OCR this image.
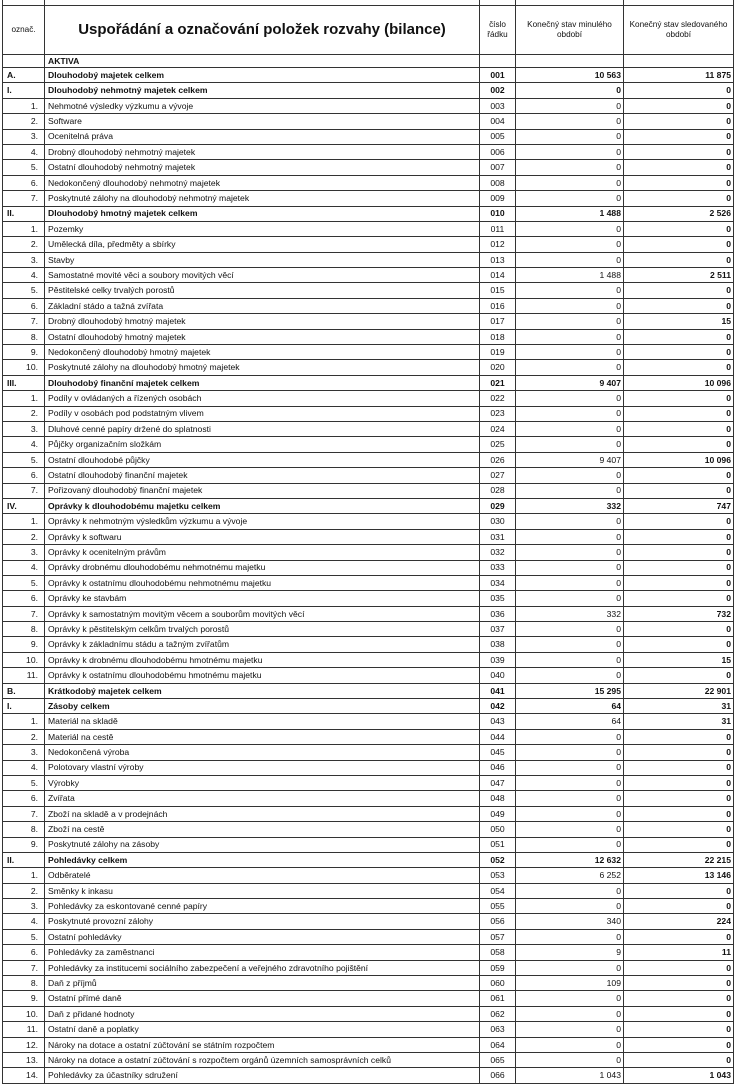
označ.	Uspořádání a označování položek rozvahy (bilance)	číslo řádku	Konečný stav minulého období	Konečný stav sledovaného období
	AKTIVA			
A.	Dlouhodobý majetek celkem	001	10 563	11 875
I.	Dlouhodobý nehmotný majetek celkem	002	0	0
1.	Nehmotné výsledky výzkumu a vývoje	003	0	0
2.	Software	004	0	0
3.	Ocenitelná práva	005	0	0
4.	Drobný dlouhodobý nehmotný majetek	006	0	0
5.	Ostatní dlouhodobý nehmotný majetek	007	0	0
6.	Nedokončený dlouhodobý nehmotný majetek	008	0	0
7.	Poskytnuté zálohy na dlouhodobý nehmotný majetek	009	0	0
II.	Dlouhodobý hmotný majetek celkem	010	1 488	2 526
1.	Pozemky	011	0	0
2.	Umělecká díla, předměty a sbírky	012	0	0
3.	Stavby	013	0	0
4.	Samostatné movité věci a soubory movitých věcí	014	1 488	2 511
5.	Pěstitelské celky trvalých porostů	015	0	0
6.	Základní stádo a tažná zvířata	016	0	0
7.	Drobný dlouhodobý hmotný majetek	017	0	15
8.	Ostatní dlouhodobý hmotný majetek	018	0	0
9.	Nedokončený dlouhodobý hmotný majetek	019	0	0
10.	Poskytnuté zálohy na dlouhodobý hmotný majetek	020	0	0
III.	Dlouhodobý finanční majetek celkem	021	9 407	10 096
1.	Podíly v ovládaných a řízených osobách	022	0	0
2.	Podíly v osobách pod podstatným vlivem	023	0	0
3.	Dluhové cenné papíry držené do splatnosti	024	0	0
4.	Půjčky organizačním složkám	025	0	0
5.	Ostatní dlouhodobé půjčky	026	9 407	10 096
6.	Ostatní dlouhodobý finanční majetek	027	0	0
7.	Pořizovaný dlouhodobý finanční majetek	028	0	0
IV.	Oprávky k dlouhodobému majetku celkem	029	332	747
1.	Oprávky k nehmotným výsledkům výzkumu a vývoje	030	0	0
2.	Oprávky k softwaru	031	0	0
3.	Oprávky k ocenitelným právům	032	0	0
4.	Oprávky drobnému dlouhodobému nehmotnému majetku	033	0	0
5.	Oprávky k ostatnímu dlouhodobému nehmotnému majetku	034	0	0
6.	Oprávky ke stavbám	035	0	0
7.	Oprávky k samostatným movitým věcem a souborům movitých věcí	036	332	732
8.	Oprávky k pěstitelským celkům trvalých porostů	037	0	0
9.	Oprávky k základnímu stádu a tažným zvířatům	038	0	0
10.	Oprávky k drobnému dlouhodobému hmotnému majetku	039	0	15
11.	Oprávky k ostatnímu dlouhodobému hmotnému majetku	040	0	0
B.	Krátkodobý majetek celkem	041	15 295	22 901
I.	Zásoby celkem	042	64	31
1.	Materiál na skladě	043	64	31
2.	Materiál na cestě	044	0	0
3.	Nedokončená výroba	045	0	0
4.	Polotovary vlastní výroby	046	0	0
5.	Výrobky	047	0	0
6.	Zvířata	048	0	0
7.	Zboží na skladě a v prodejnách	049	0	0
8.	Zboží na cestě	050	0	0
9.	Poskytnuté zálohy na zásoby	051	0	0
II.	Pohledávky celkem	052	12 632	22 215
1.	Odběratelé	053	6 252	13 146
2.	Směnky k inkasu	054	0	0
3.	Pohledávky za eskontované cenné papíry	055	0	0
4.	Poskytnuté provozní zálohy	056	340	224
5.	Ostatní pohledávky	057	0	0
6.	Pohledávky za zaměstnanci	058	9	11
7.	Pohledávky za institucemi sociálního zabezpečení a veřejného zdravotního pojištění	059	0	0
8.	Daň z příjmů	060	109	0
9.	Ostatní přímé daně	061	0	0
10.	Daň z přidané hodnoty	062	0	0
11.	Ostatní daně a poplatky	063	0	0
12.	Nároky na dotace a ostatní zúčtování se státním rozpočtem	064	0	0
13.	Nároky na dotace a ostatní zúčtování s rozpočtem orgánů územních samosprávních celků	065	0	0
14.	Pohledávky za účastníky sdružení	066	1 043	1 043
